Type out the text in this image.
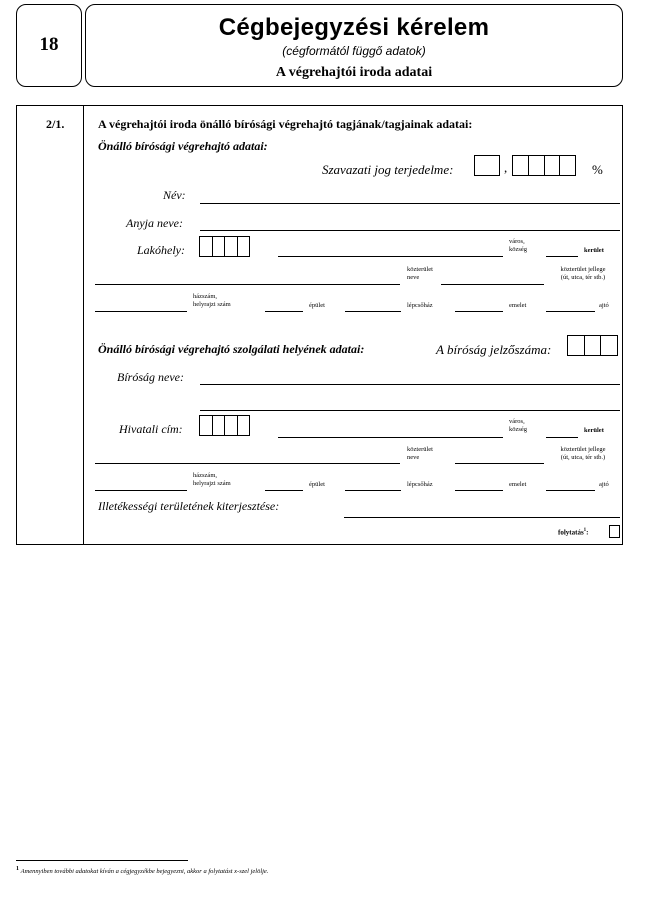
18
Cégbejegyzési kérelem
(cégformától függő adatok)
A végrehajtói iroda adatai
2/1.	A végrehajtói iroda önálló bírósági végrehajtó tagjának/tagjainak adatai:
Önálló bírósági végrehajtó adatai:
Szavazati jog terjedelme:	,	%
Név:
Anyja neve:
Lakóhely:
város,
község	kerület
közterület
neve
közterület jellege
(út, utca, tér stb.)
házszám,
helyrajzi szám	épület	lépcsőház	emelet	ajtó
Önálló bírósági végrehajtó szolgálati helyének adatai:	A bíróság jelzőszáma:
Bíróság neve:
Hivatali cím:
város,
község	kerület
közterület
neve
közterület jellege
(út, utca, tér stb.)
házszám,
helyrajzi szám	épület	lépcsőház	emelet	ajtó
Illetékességi területének kiterjesztése:
folytatás$^1$:
$^1$ Amennyiben további adatokat kíván a cégjegyzékbe bejegyezni, akkor a folytatást x-szel jelölje.
